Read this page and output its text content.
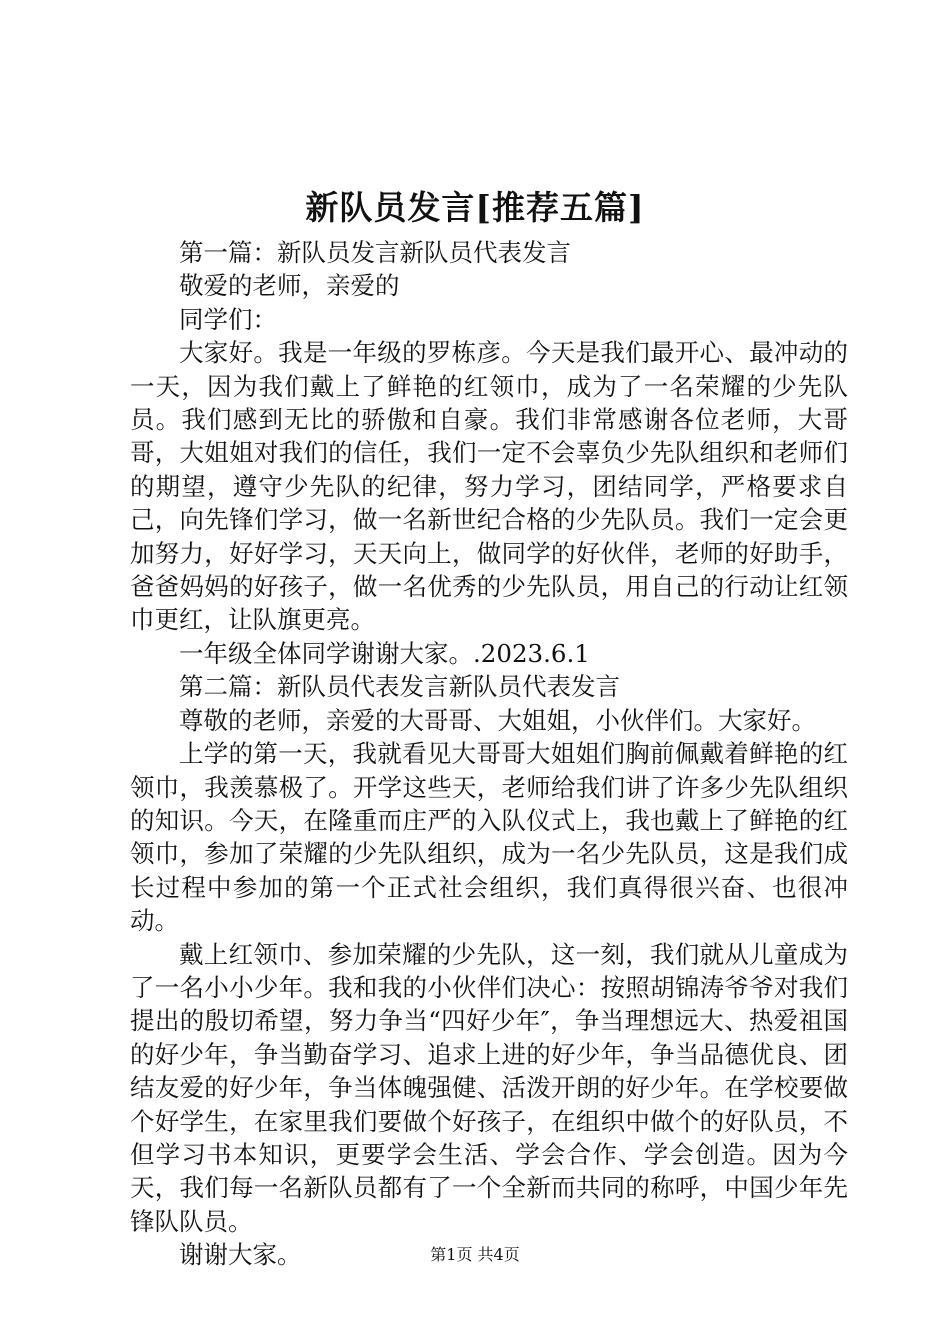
新队员发言[推荐五篇]

第一篇：新队员发言新队员代表发言

敬爱的老师，亲爱的

同学们：

大家好。我是一年级的罗栋彦。今天是我们最开心、最冲动的一天，因为我们戴上了鲜艳的红领巾，成为了一名荣耀的少先队员。我们感到无比的骄傲和自豪。我们非常感谢各位老师，大哥哥，大姐姐对我们的信任，我们一定不会辜负少先队组织和老师们的期望，遵守少先队的纪律，努力学习，团结同学，严格要求自己，向先锋们学习，做一名新世纪合格的少先队员。我们一定会更加努力，好好学习，天天向上，做同学的好伙伴，老师的好助手，爸爸妈妈的好孩子，做一名优秀的少先队员，用自己的行动让红领巾更红，让队旗更亮。

一年级全体同学谢谢大家。.2023.6.1

第二篇：新队员代表发言新队员代表发言

尊敬的老师，亲爱的大哥哥、大姐姐，小伙伴们。大家好。

上学的第一天，我就看见大哥哥大姐姐们胸前佩戴着鲜艳的红领巾，我羡慕极了。开学这些天，老师给我们讲了许多少先队组织的知识。今天，在隆重而庄严的入队仪式上，我也戴上了鲜艳的红领巾，参加了荣耀的少先队组织，成为一名少先队员，这是我们成长过程中参加的第一个正式社会组织，我们真得很兴奋、也很冲动。

戴上红领巾、参加荣耀的少先队，这一刻，我们就从儿童成为了一名小小少年。我和我的小伙伴们决心：按照胡锦涛爷爷对我们提出的殷切希望，努力争当“四好少年″，争当理想远大、热爱祖国的好少年，争当勤奋学习、追求上进的好少年，争当品德优良、团结友爱的好少年，争当体魄强健、活泼开朗的好少年。在学校要做个好学生，在家里我们要做个好孩子，在组织中做个的好队员，不但学习书本知识，更要学会生活、学会合作、学会创造。因为今天，我们每一名新队员都有了一个全新而共同的称呼，中国少年先锋队队员。

谢谢大家。	第1页 共4页
